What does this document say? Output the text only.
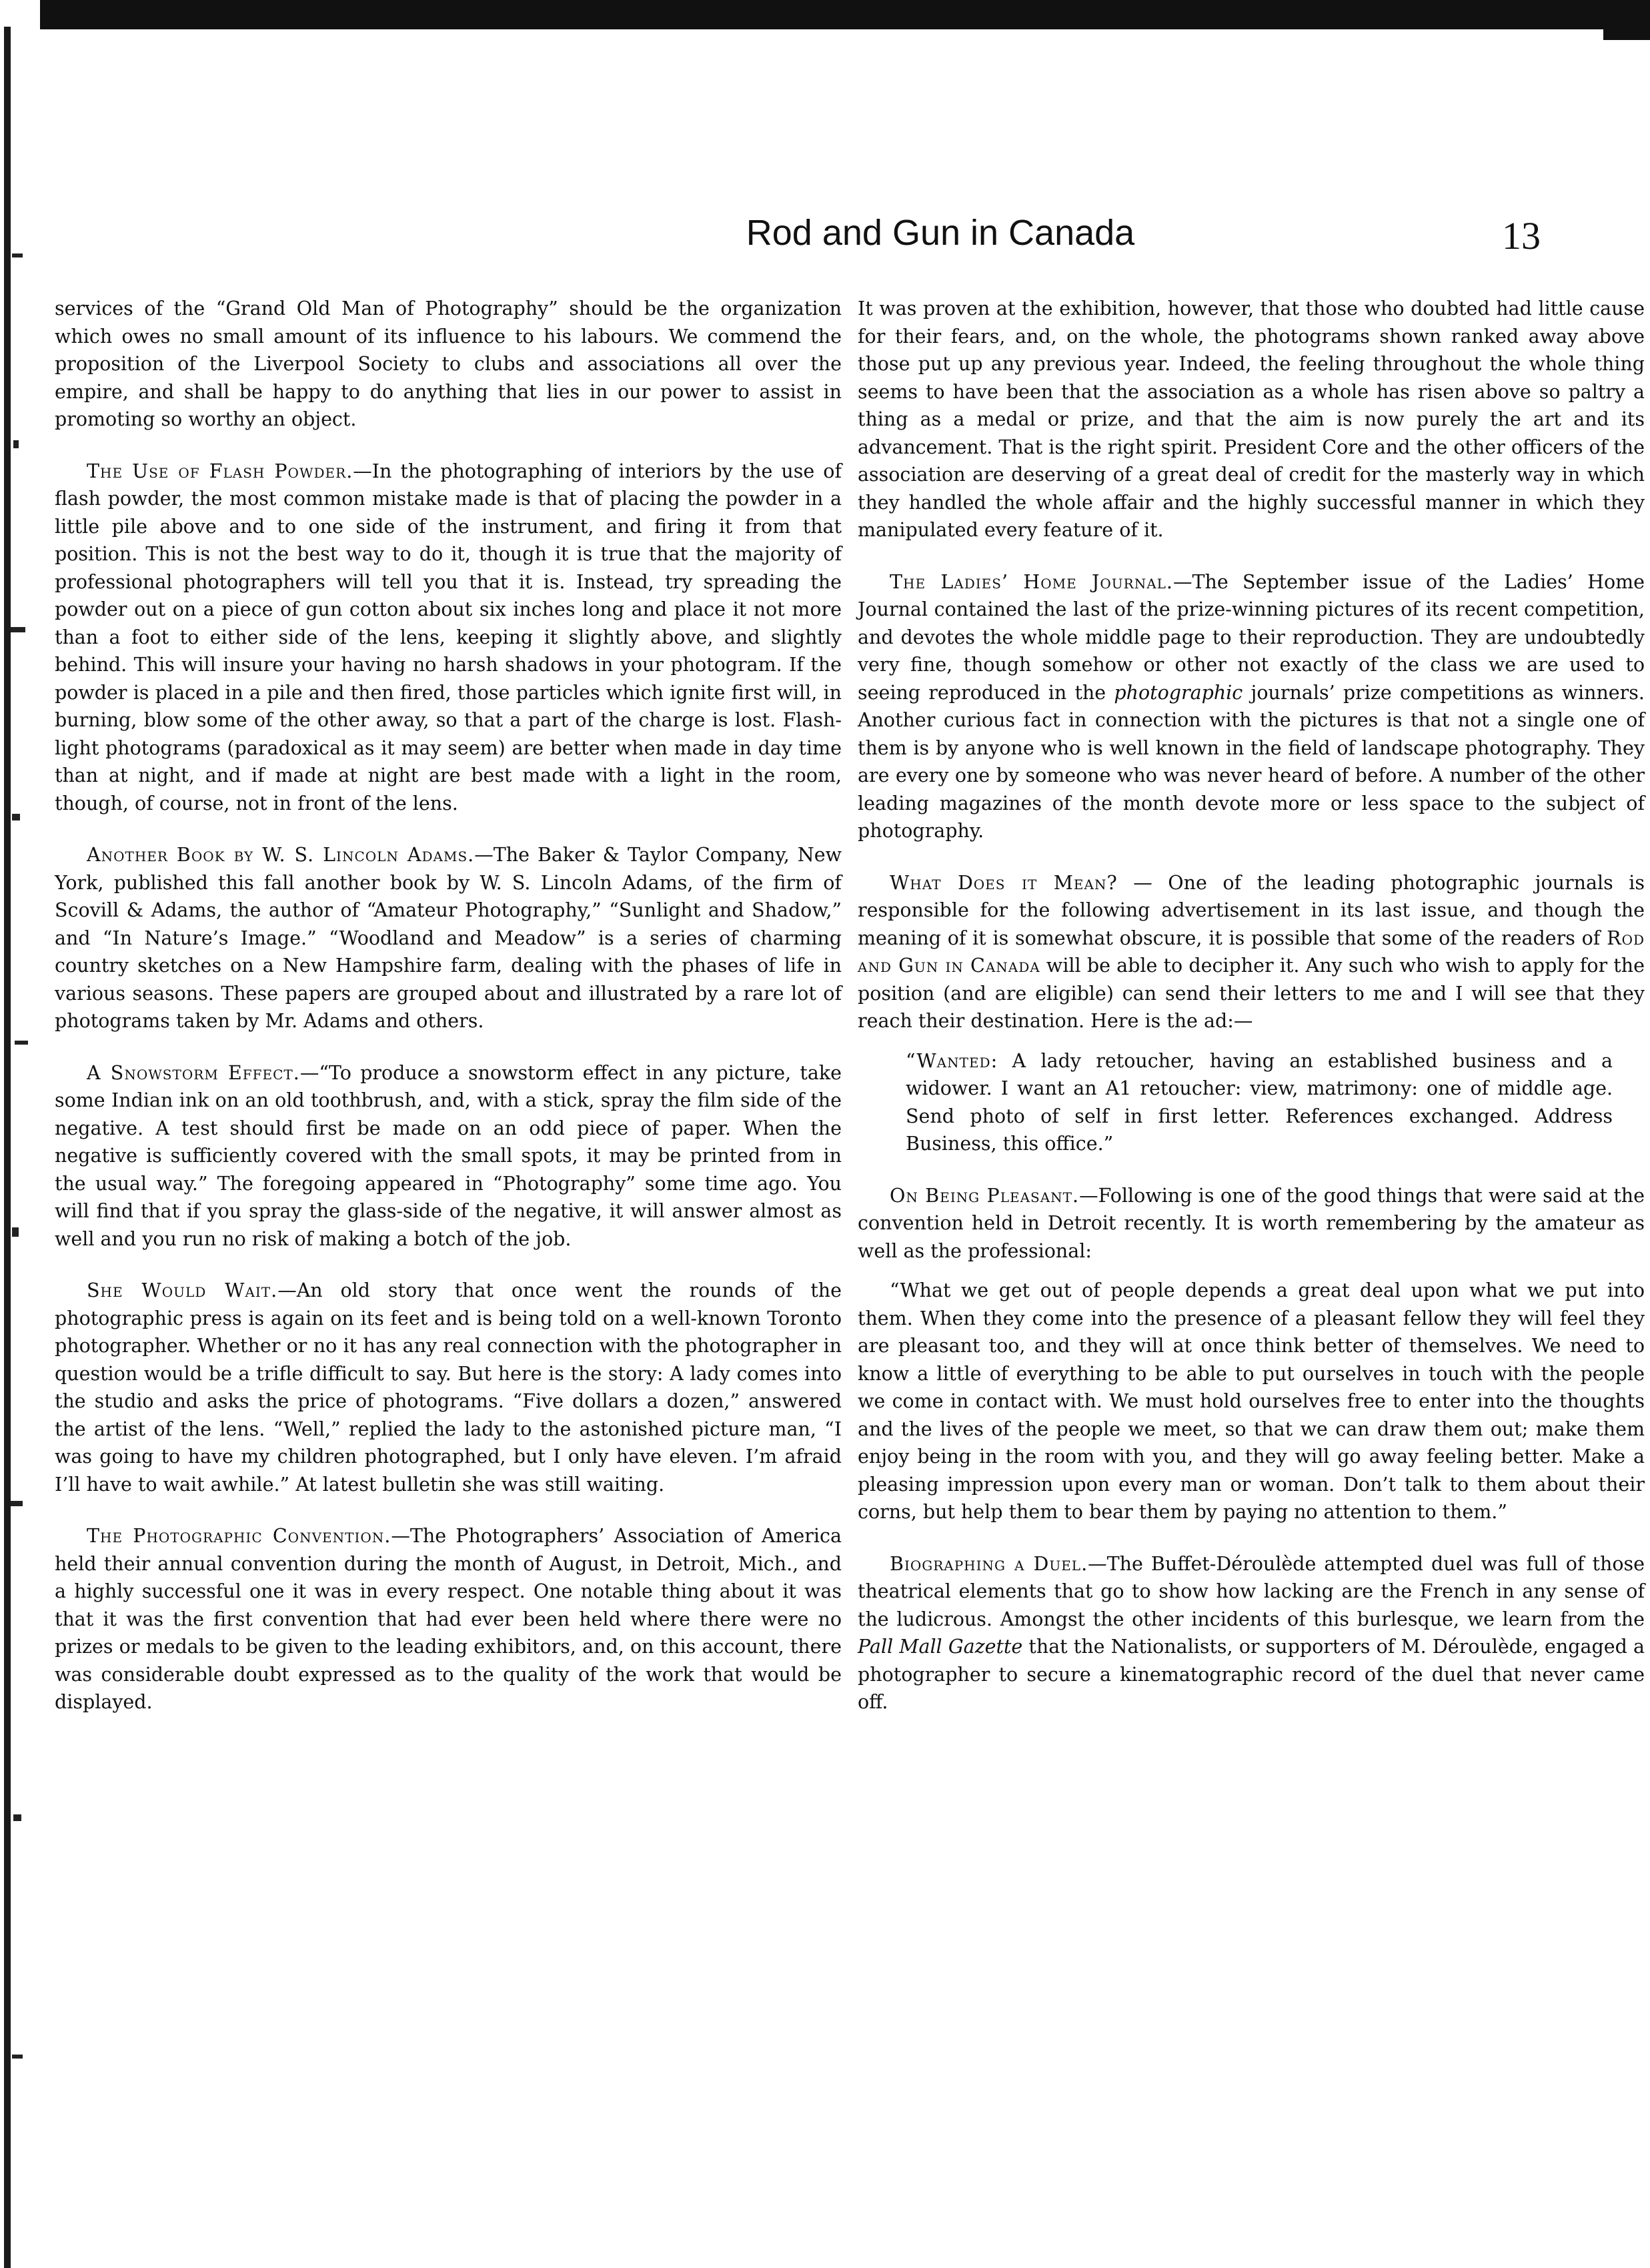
Rod and Gun in Canada	13

services of the “Grand Old Man of Photography” should be the organization which owes no small amount of its influence to his labours. We commend the proposition of the Liverpool Society to clubs and associations all over the empire, and shall be happy to do anything that lies in our power to assist in promoting so worthy an object.

The Use of Flash Powder.—In the photographing of interiors by the use of flash powder, the most common mistake made is that of placing the powder in a little pile above and to one side of the instrument, and firing it from that position. This is not the best way to do it, though it is true that the majority of professional photographers will tell you that it is. Instead, try spreading the powder out on a piece of gun cotton about six inches long and place it not more than a foot to either side of the lens, keeping it slightly above, and slightly behind. This will insure your having no harsh shadows in your photogram. If the powder is placed in a pile and then fired, those particles which ignite first will, in burning, blow some of the other away, so that a part of the charge is lost. Flash-light photograms (paradoxical as it may seem) are better when made in day time than at night, and if made at night are best made with a light in the room, though, of course, not in front of the lens.

Another Book by W. S. Lincoln Adams.—The Baker & Taylor Company, New York, published this fall another book by W. S. Lincoln Adams, of the firm of Scovill & Adams, the author of “Amateur Photography,” “Sunlight and Shadow,” and “In Nature’s Image.” “Woodland and Meadow” is a series of charming country sketches on a New Hampshire farm, dealing with the phases of life in various seasons. These papers are grouped about and illustrated by a rare lot of photograms taken by Mr. Adams and others.

A Snowstorm Effect.—“To produce a snowstorm effect in any picture, take some Indian ink on an old toothbrush, and, with a stick, spray the film side of the negative. A test should first be made on an odd piece of paper. When the negative is sufficiently covered with the small spots, it may be printed from in the usual way.” The foregoing appeared in “Photography” some time ago. You will find that if you spray the glass-side of the negative, it will answer almost as well and you run no risk of making a botch of the job.

She Would Wait.—An old story that once went the rounds of the photographic press is again on its feet and is being told on a well-known Toronto photographer. Whether or no it has any real connection with the photographer in question would be a trifle difficult to say. But here is the story: A lady comes into the studio and asks the price of photograms. “Five dollars a dozen,” answered the artist of the lens. “Well,” replied the lady to the astonished picture man, “I was going to have my children photographed, but I only have eleven. I’m afraid I’ll have to wait awhile.” At latest bulletin she was still waiting.

The Photographic Convention.—The Photographers’ Association of America held their annual convention during the month of August, in Detroit, Mich., and a highly successful one it was in every respect. One notable thing about it was that it was the first convention that had ever been held where there were no prizes or medals to be given to the leading exhibitors, and, on this account, there was considerable doubt expressed as to the quality of the work that would be displayed.

It was proven at the exhibition, however, that those who doubted had little cause for their fears, and, on the whole, the photograms shown ranked away above those put up any previous year. Indeed, the feeling throughout the whole thing seems to have been that the association as a whole has risen above so paltry a thing as a medal or prize, and that the aim is now purely the art and its advancement. That is the right spirit. President Core and the other officers of the association are deserving of a great deal of credit for the masterly way in which they handled the whole affair and the highly successful manner in which they manipulated every feature of it.

The Ladies’ Home Journal.—The September issue of the Ladies’ Home Journal contained the last of the prize-winning pictures of its recent competition, and devotes the whole middle page to their reproduction. They are undoubtedly very fine, though somehow or other not exactly of the class we are used to seeing reproduced in the photographic journals’ prize competitions as winners. Another curious fact in connection with the pictures is that not a single one of them is by anyone who is well known in the field of landscape photography. They are every one by someone who was never heard of before. A number of the other leading magazines of the month devote more or less space to the subject of photography.

What Does it Mean? — One of the leading photographic journals is responsible for the following advertisement in its last issue, and though the meaning of it is somewhat obscure, it is possible that some of the readers of Rod and Gun in Canada will be able to decipher it. Any such who wish to apply for the position (and are eligible) can send their letters to me and I will see that they reach their destination. Here is the ad:—

“Wanted: A lady retoucher, having an established business and a widower. I want an A1 retoucher: view, matrimony: one of middle age. Send photo of self in first letter. References exchanged. Address Business, this office.”

On Being Pleasant.—Following is one of the good things that were said at the convention held in Detroit recently. It is worth remembering by the amateur as well as the professional:

“What we get out of people depends a great deal upon what we put into them. When they come into the presence of a pleasant fellow they will feel they are pleasant too, and they will at once think better of themselves. We need to know a little of everything to be able to put ourselves in touch with the people we come in contact with. We must hold ourselves free to enter into the thoughts and the lives of the people we meet, so that we can draw them out; make them enjoy being in the room with you, and they will go away feeling better. Make a pleasing impression upon every man or woman. Don’t talk to them about their corns, but help them to bear them by paying no attention to them.”

Biographing a Duel.—The Buffet-Déroulède attempted duel was full of those theatrical elements that go to show how lacking are the French in any sense of the ludicrous. Amongst the other incidents of this burlesque, we learn from the Pall Mall Gazette that the Nationalists, or supporters of M. Déroulède, engaged a photographer to secure a kinematographic record of the duel that never came off.
